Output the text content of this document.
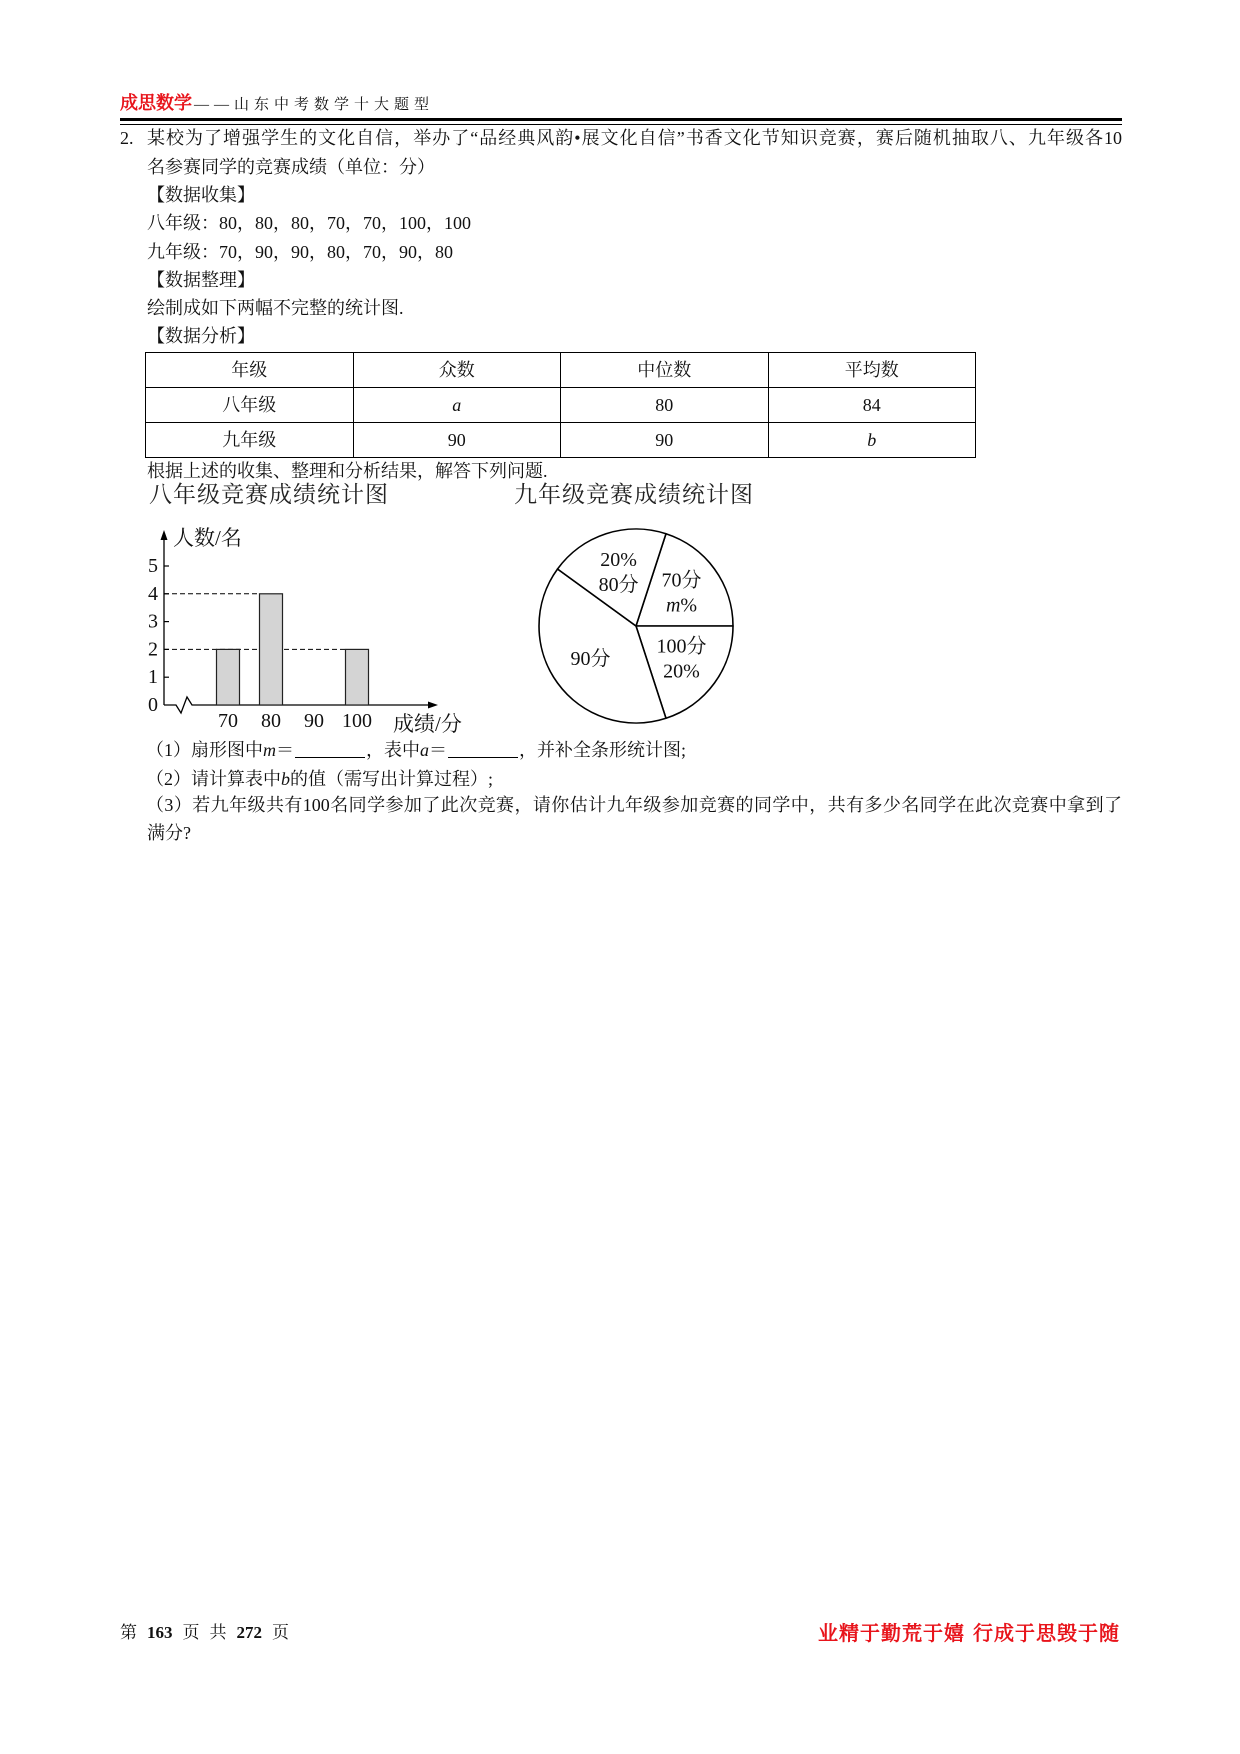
成思数学 ——山东中考数学十大题型
2. 某校为了增强学生的文化自信，举办了“品经典风韵•展文化自信”书香文化节知识竞赛，赛后随机抽取八、九年级各10
名参赛同学的竞赛成绩（单位：分）
【数据收集】
八年级：80，80，80，70，70，100，100
九年级：70，90，90，80，70，90，80
【数据整理】
绘制成如下两幅不完整的统计图.
【数据分析】
年级	众数	中位数	平均数
八年级	a	80	84
九年级	90	90	b
根据上述的收集、整理和分析结果，解答下列问题.
八年级竞赛成绩统计图	九年级竞赛成绩统计图
人数/名
成绩/分
0
1
2
3
4
5
70 80 90 100
70分
m%
100分
20%
90分
20%
80分
（1）扇形图中m＝	，表中a＝	，并补全条形统计图;
（2）请计算表中b的值（需写出计算过程）;
（3）若九年级共有100名同学参加了此次竞赛，请你估计九年级参加竞赛的同学中，共有多少名同学在此次竞赛中拿到了
满分?
第 163 页 共 272 页	业精于勤荒于嬉 行成于思毁于随
